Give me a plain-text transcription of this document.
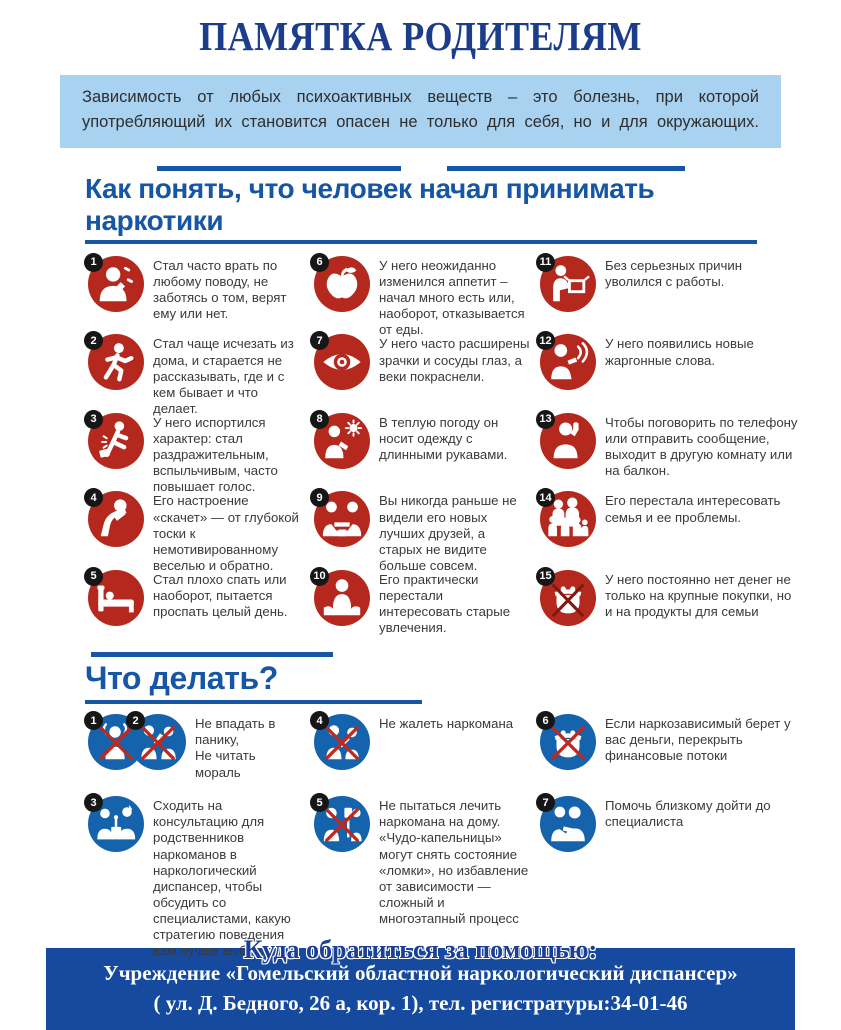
ПАМЯТКА РОДИТЕЛЯМ
Зависимость от любых психоактивных веществ – это болезнь, при которой употребляющий их становится опасен не только для себя, но и для окружающих.
Как понять, что человек начал принимать наркотики
1	Стал часто врать по любому поводу, не заботясь о том, верят ему или нет.

2	Стал чаще исчезать из дома, и старается не рассказывать, где и с кем бывает и что делает.

3	У него испортился характер: стал раздражительным, вспыльчивым, часто повышает голос.

4	Его настроение «скачет» — от глубокой тоски к немотивированному веселью и обратно.

5	Стал плохо спать или наоборот, пытается проспать целый день.

6	У него неожиданно изменился аппетит – начал много есть или, наоборот, отказывается от еды.

7	У него часто расширены зрачки и сосуды глаз, а веки покраснели.

8	В теплую погоду он носит одежду с длинными рукавами.

9	Вы никогда раньше не видели его новых лучших друзей, а старых не видите больше совсем.

10	Его практически перестали интересовать старые увлечения.

11	Без серьезных причин уволился с работы.

12	У него появились новые жаргонные слова.

13	Чтобы поговорить по телефону или отправить сообщение, выходит в другую комнату или на балкон.

14	Его перестала интересовать семья и ее проблемы.

15	У него постоянно нет денег не только на крупные покупки, но и на продукты для семьи

Что делать?
1	2	Не впадать в панику,
Не читать мораль

3	Сходить на консультацию для родственников наркоманов в наркологический диспансер, чтобы обсудить со специалистами, какую стратегию поведения вам лучше выбрать

4	Не жалеть наркомана

5	Не пытаться лечить наркомана на дому. «Чудо-капельницы» могут снять состояние «ломки», но избавление от зависимости — сложный и многоэтапный процесс

6	Если наркозависимый берет у вас деньги, перекрыть финансовые потоки

7	Помочь близкому дойти до специалиста

Куда обратиться за помощью:
Учреждение «Гомельский областной наркологический диспансер»
( ул. Д. Бедного, 26 а, кор. 1), тел. регистратуры:34-01-46
